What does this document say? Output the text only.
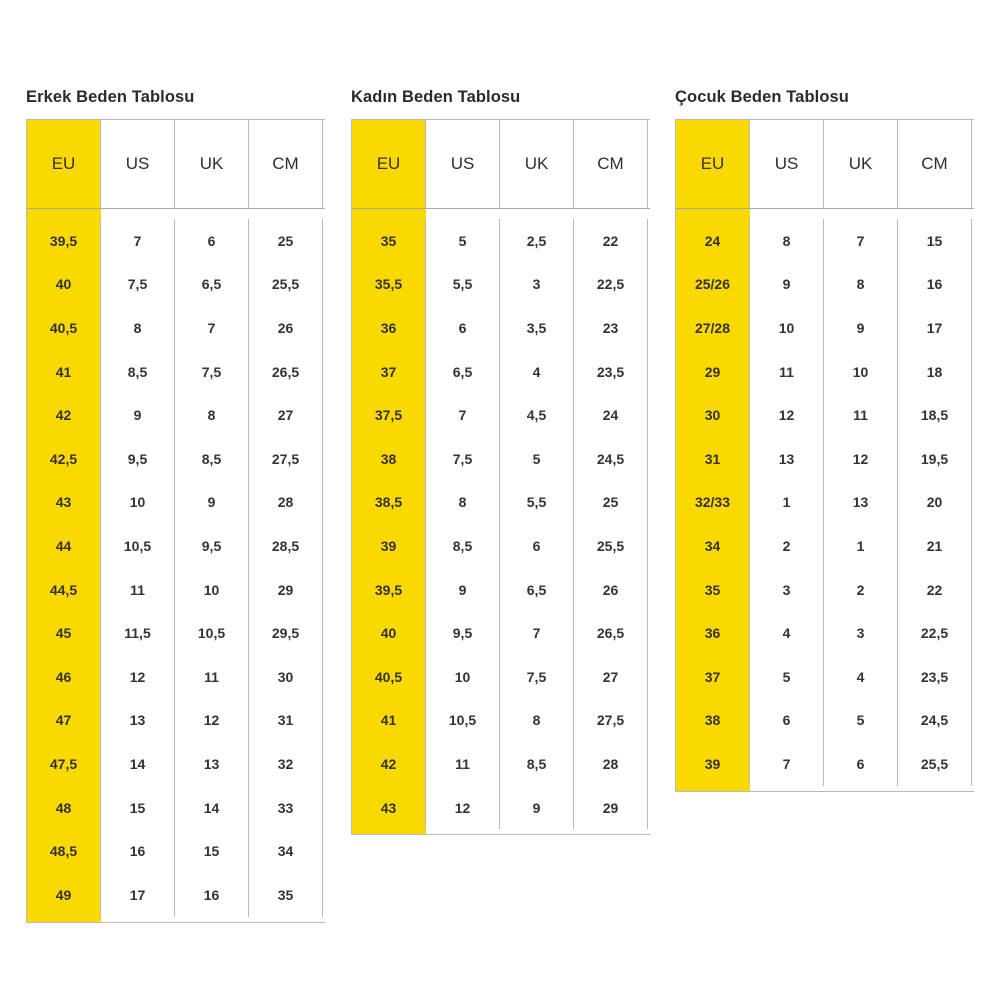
Erkek Beden Tablosu
EU	US	UK	CM
39,5	7	6	25
40	7,5	6,5	25,5
40,5	8	7	26
41	8,5	7,5	26,5
42	9	8	27
42,5	9,5	8,5	27,5
43	10	9	28
44	10,5	9,5	28,5
44,5	11	10	29
45	11,5	10,5	29,5
46	12	11	30
47	13	12	31
47,5	14	13	32
48	15	14	33
48,5	16	15	34
49	17	16	35
Kadın Beden Tablosu
EU	US	UK	CM
35	5	2,5	22
35,5	5,5	3	22,5
36	6	3,5	23
37	6,5	4	23,5
37,5	7	4,5	24
38	7,5	5	24,5
38,5	8	5,5	25
39	8,5	6	25,5
39,5	9	6,5	26
40	9,5	7	26,5
40,5	10	7,5	27
41	10,5	8	27,5
42	11	8,5	28
43	12	9	29
Çocuk Beden Tablosu
EU	US	UK	CM
24	8	7	15
25/26	9	8	16
27/28	10	9	17
29	11	10	18
30	12	11	18,5
31	13	12	19,5
32/33	1	13	20
34	2	1	21
35	3	2	22
36	4	3	22,5
37	5	4	23,5
38	6	5	24,5
39	7	6	25,5
